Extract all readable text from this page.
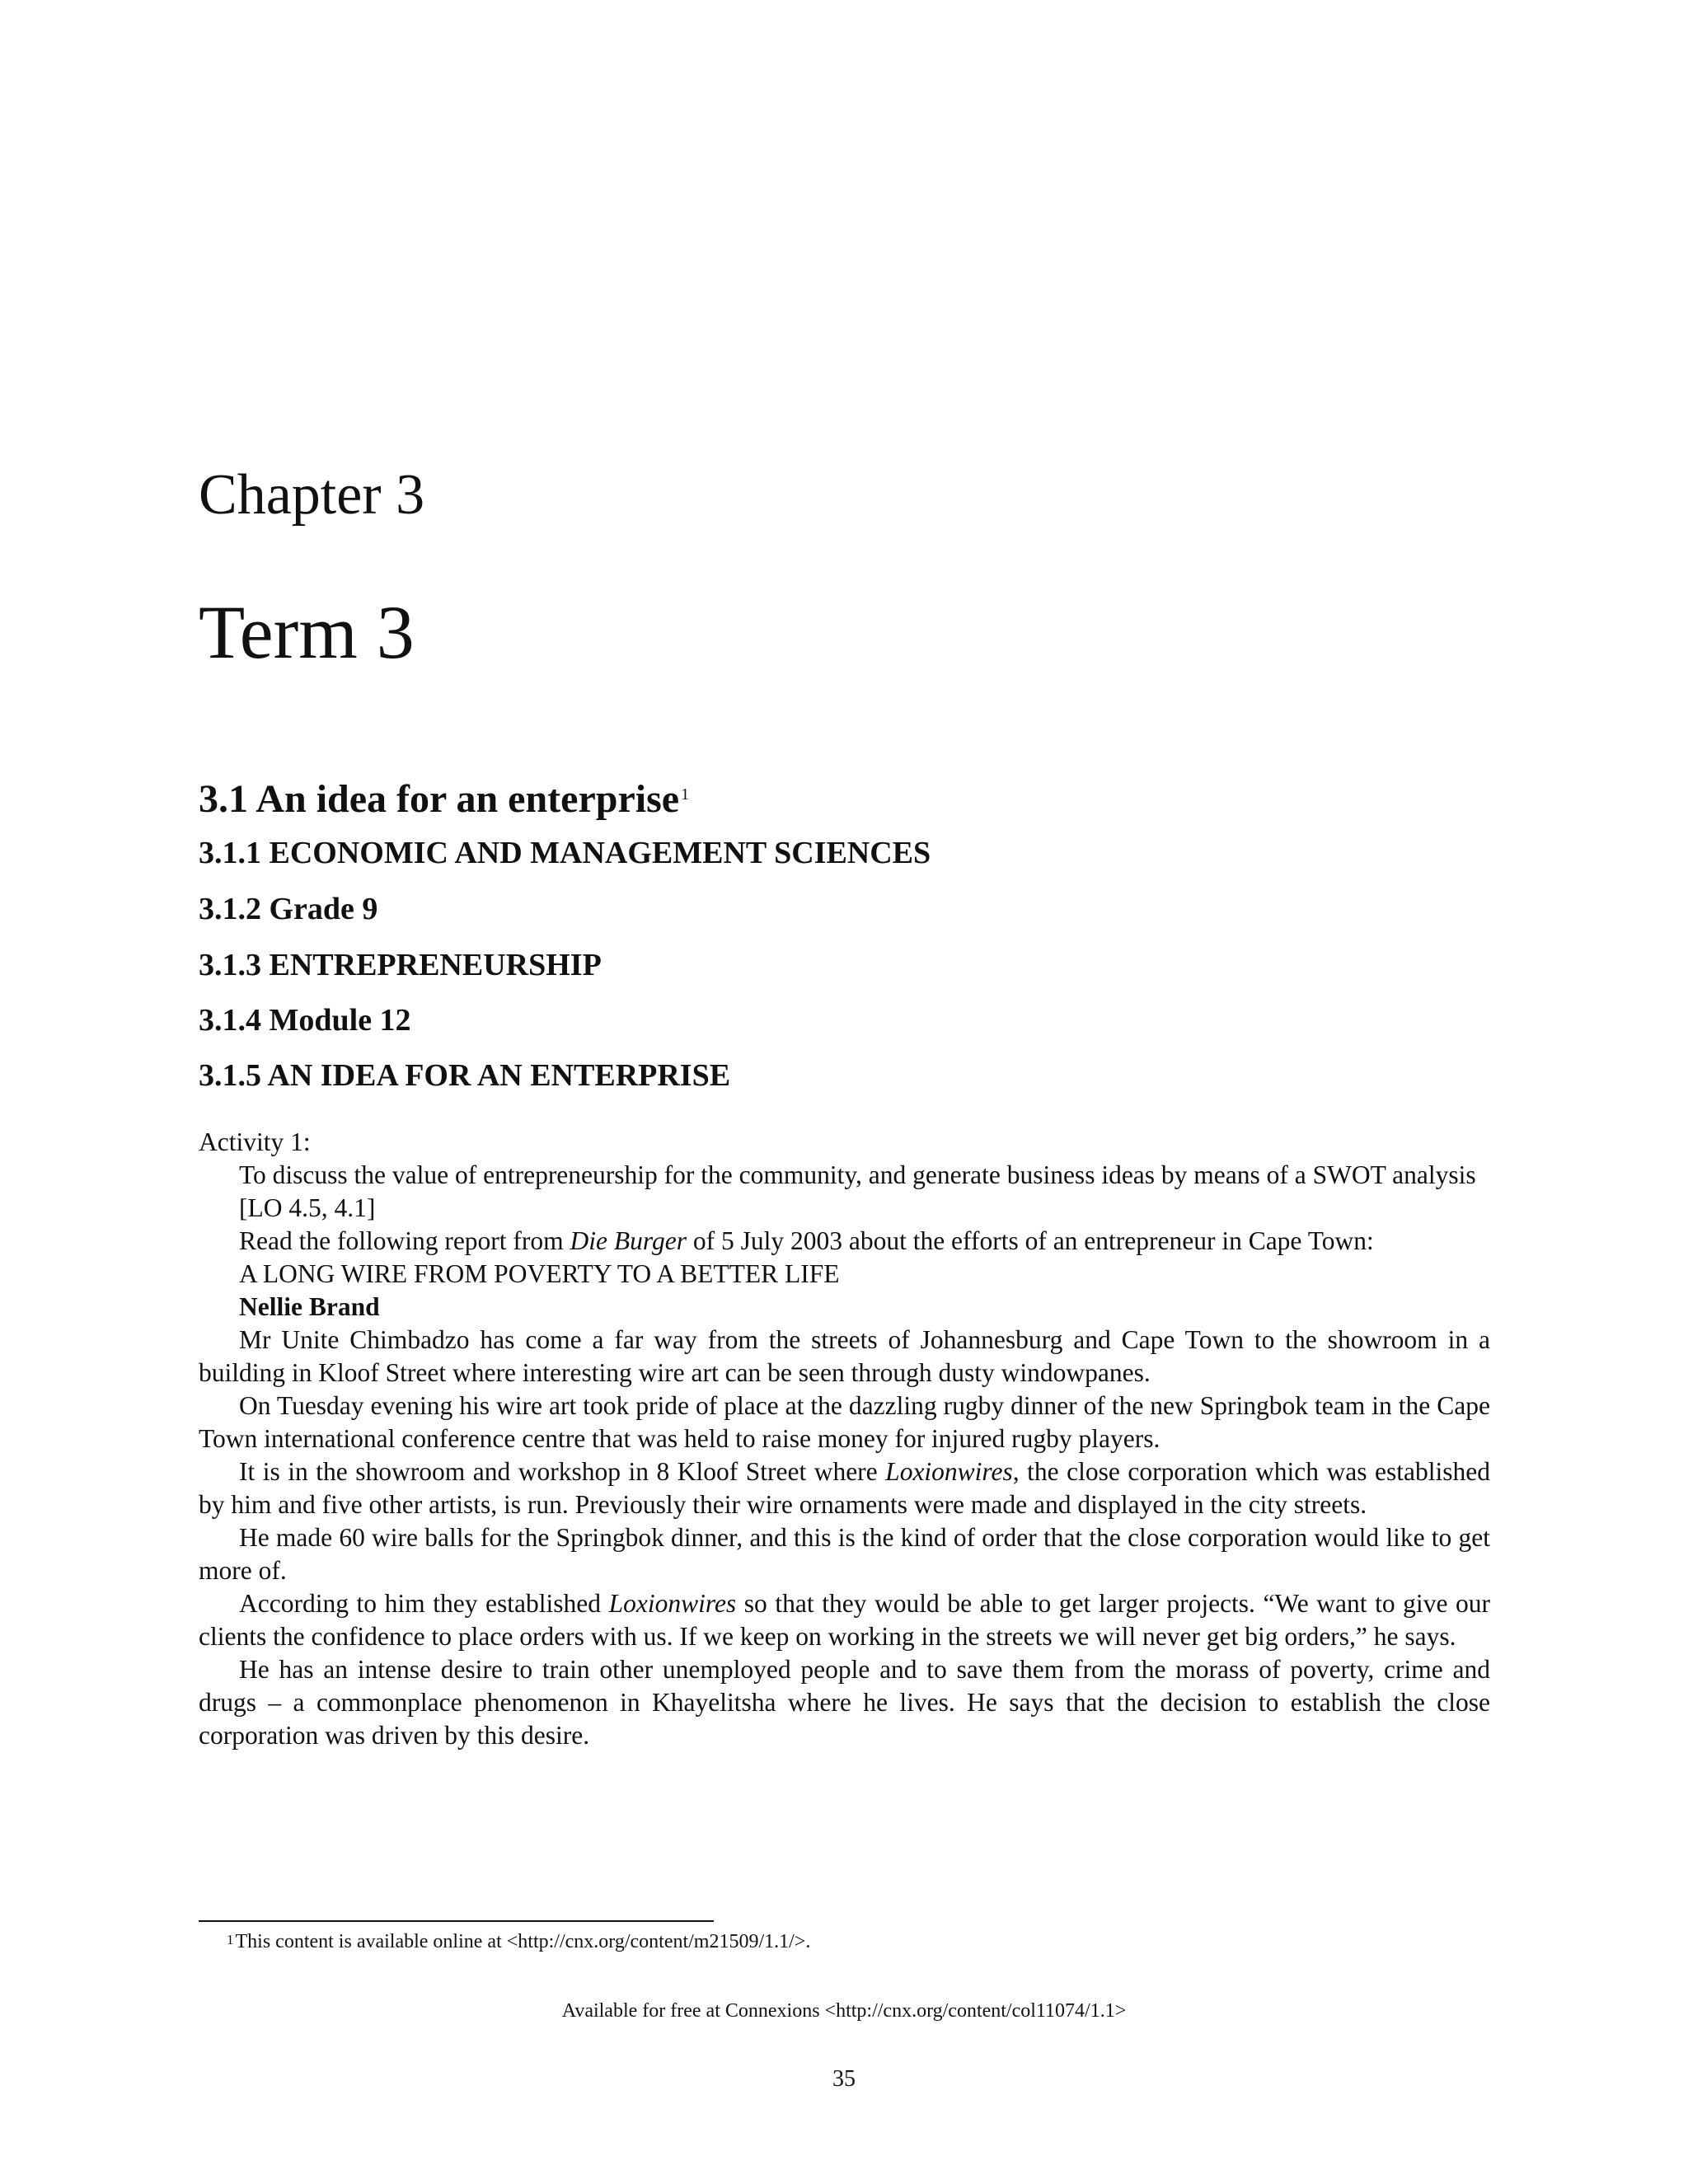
Chapter 3
Term 3
3.1 An idea for an enterprise $^1$
3.1.1 ECONOMIC AND MANAGEMENT SCIENCES
3.1.2 Grade 9
3.1.3 ENTREPRENEURSHIP
3.1.4 Module 12
3.1.5 AN IDEA FOR AN ENTERPRISE

Activity 1:

To discuss the value of entrepreneurship for the community, and generate business ideas by means of a SWOT analysis

[LO 4.5, 4.1]

Read the following report from Die Burger of 5 July 2003 about the efforts of an entrepreneur in Cape Town:

A LONG WIRE FROM POVERTY TO A BETTER LIFE

Nellie Brand

Mr Unite Chimbadzo has come a far way from the streets of Johannesburg and Cape Town to the showroom in a building in Kloof Street where interesting wire art can be seen through dusty windowpanes.

On Tuesday evening his wire art took pride of place at the dazzling rugby dinner of the new Springbok team in the Cape Town international conference centre that was held to raise money for injured rugby players.

It is in the showroom and workshop in 8 Kloof Street where Loxionwires, the close corporation which was established by him and five other artists, is run. Previously their wire ornaments were made and displayed in the city streets.

He made 60 wire balls for the Springbok dinner, and this is the kind of order that the close corporation would like to get more of.

According to him they established Loxionwires so that they would be able to get larger projects. “We want to give our clients the confidence to place orders with us. If we keep on working in the streets we will never get big orders,” he says.

He has an intense desire to train other unemployed people and to save them from the morass of poverty, crime and drugs – a commonplace phenomenon in Khayelitsha where he lives. He says that the decision to establish the close corporation was driven by this desire.

$^1$This content is available online at <http://cnx.org/content/m21509/1.1/>.
Available for free at Connexions <http://cnx.org/content/col11074/1.1>
35
